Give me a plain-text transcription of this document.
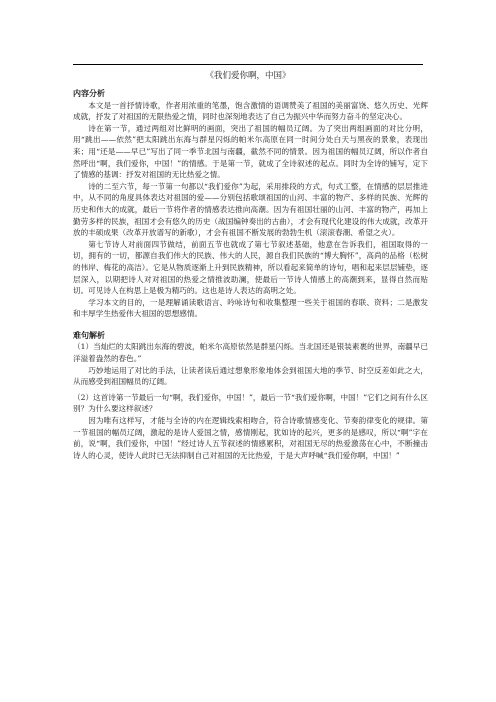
《我们爱你啊，中国》

内容分析

本文是一首抒情诗歌，作者用浓重的笔墨，饱含激情的语调赞美了祖国的美丽富饶、悠久历史、光辉成就，抒发了对祖国的无限热爱之情，同时也深刻地表达了自己为振兴中华而努力奋斗的坚定决心。

诗在第一节，通过两组对比鲜明的画面，突出了祖国的幅员辽阔。为了突出两组画面的对比分明，用“跳出——依然”把太阳跳出东海与群星闪烁的帕米尔高原在同一时间分处白天与黑夜的景象，表现出来；用“还是——早已”写出了同一季节北国与南疆，截然不同的情景。因为祖国的幅员辽阔，所以作者自然呼出“啊，我们爱你，中国！”的情感。于是第一节，就成了全诗叙述的起点。同时为全诗的铺写，定下了情感的基调：抒发对祖国的无比热爱之情。

诗的二至六节，每一节第一句都以“我们爱你”为起，采用排段的方式，句式工整，在情感的层层推进中，从不同的角度具体表达对祖国的爱——分别包括歌颂祖国的山河、丰富的物产、多样的民族、光辉的历史和伟大的成就，最后一节将作者的情感表达推向高潮。因为有祖国壮丽的山河、丰富的物产，再加上勤劳多样的民族，祖国才会有悠久的历史（战国编钟奏出的古曲），才会有现代化建设的伟大成就，改革开放的丰硕成果（改革开放谱写的新歌），才会有祖国不断发展的勃勃生机（滚滚春潮、希望之火）。

第七节诗人对前面四节做结，前面五节也就成了第七节叙述基础，他意在告诉我们，祖国取得的一切，拥有的一切，都源自我们伟大的民族、伟大的人民，源自我们民族的“博大胸怀”，高尚的品格（松树的伟岸、梅花的高洁）。它是从物质逐渐上升到民族精神，所以看起来简单的诗句，唱和起来层层铺垫，逐层深入，以期把诗人对对祖国的热爱之情推波助澜，使最后一节诗人情感上的高潮到来，显得自然而贴切。可见诗人在构思上是极为精巧的。这也是诗人表达的高明之处。

学习本文的目的，一是理解诵读歌语言、吟咏诗句和收集整理一些关于祖国的春联、资料；二是激发和丰厚学生热爱伟大祖国的思想感情。

难句解析

（1）当灿烂的太阳跳出东海的碧波，帕米尔高原依然是群星闪烁。当北国还是银装素裹的世界，南疆早已洋溢着盎然的春色。”

巧妙地运用了对比的手法，让读者读后通过想象形象地体会到祖国大地的季节、时空反差如此之大，从而感受到祖国幅员的辽阔。

（2）这首诗第一节最后一句“啊，我们爱你，中国！”，最后一节“我们爱你啊，中国！”它们之间有什么区别？为什么要这样叙述？

因为唯有这样写，才能与全诗的内在逻辑线索相吻合，符合诗歌情感变化、节奏韵律变化的规律。第一节祖国的幅员辽阔，激起的是诗人爱国之情，感情刚起，犹如诗的起兴，更多的是感叹，所以“啊”字在前，说“啊，我们爱你，中国！”经过诗人五节叙述的情感累积，对祖国无尽的热爱激荡在心中，不断撞击诗人的心灵，使诗人此时已无法抑制自己对祖国的无比热爱，于是大声呼喊“我们爱你啊，中国！”
